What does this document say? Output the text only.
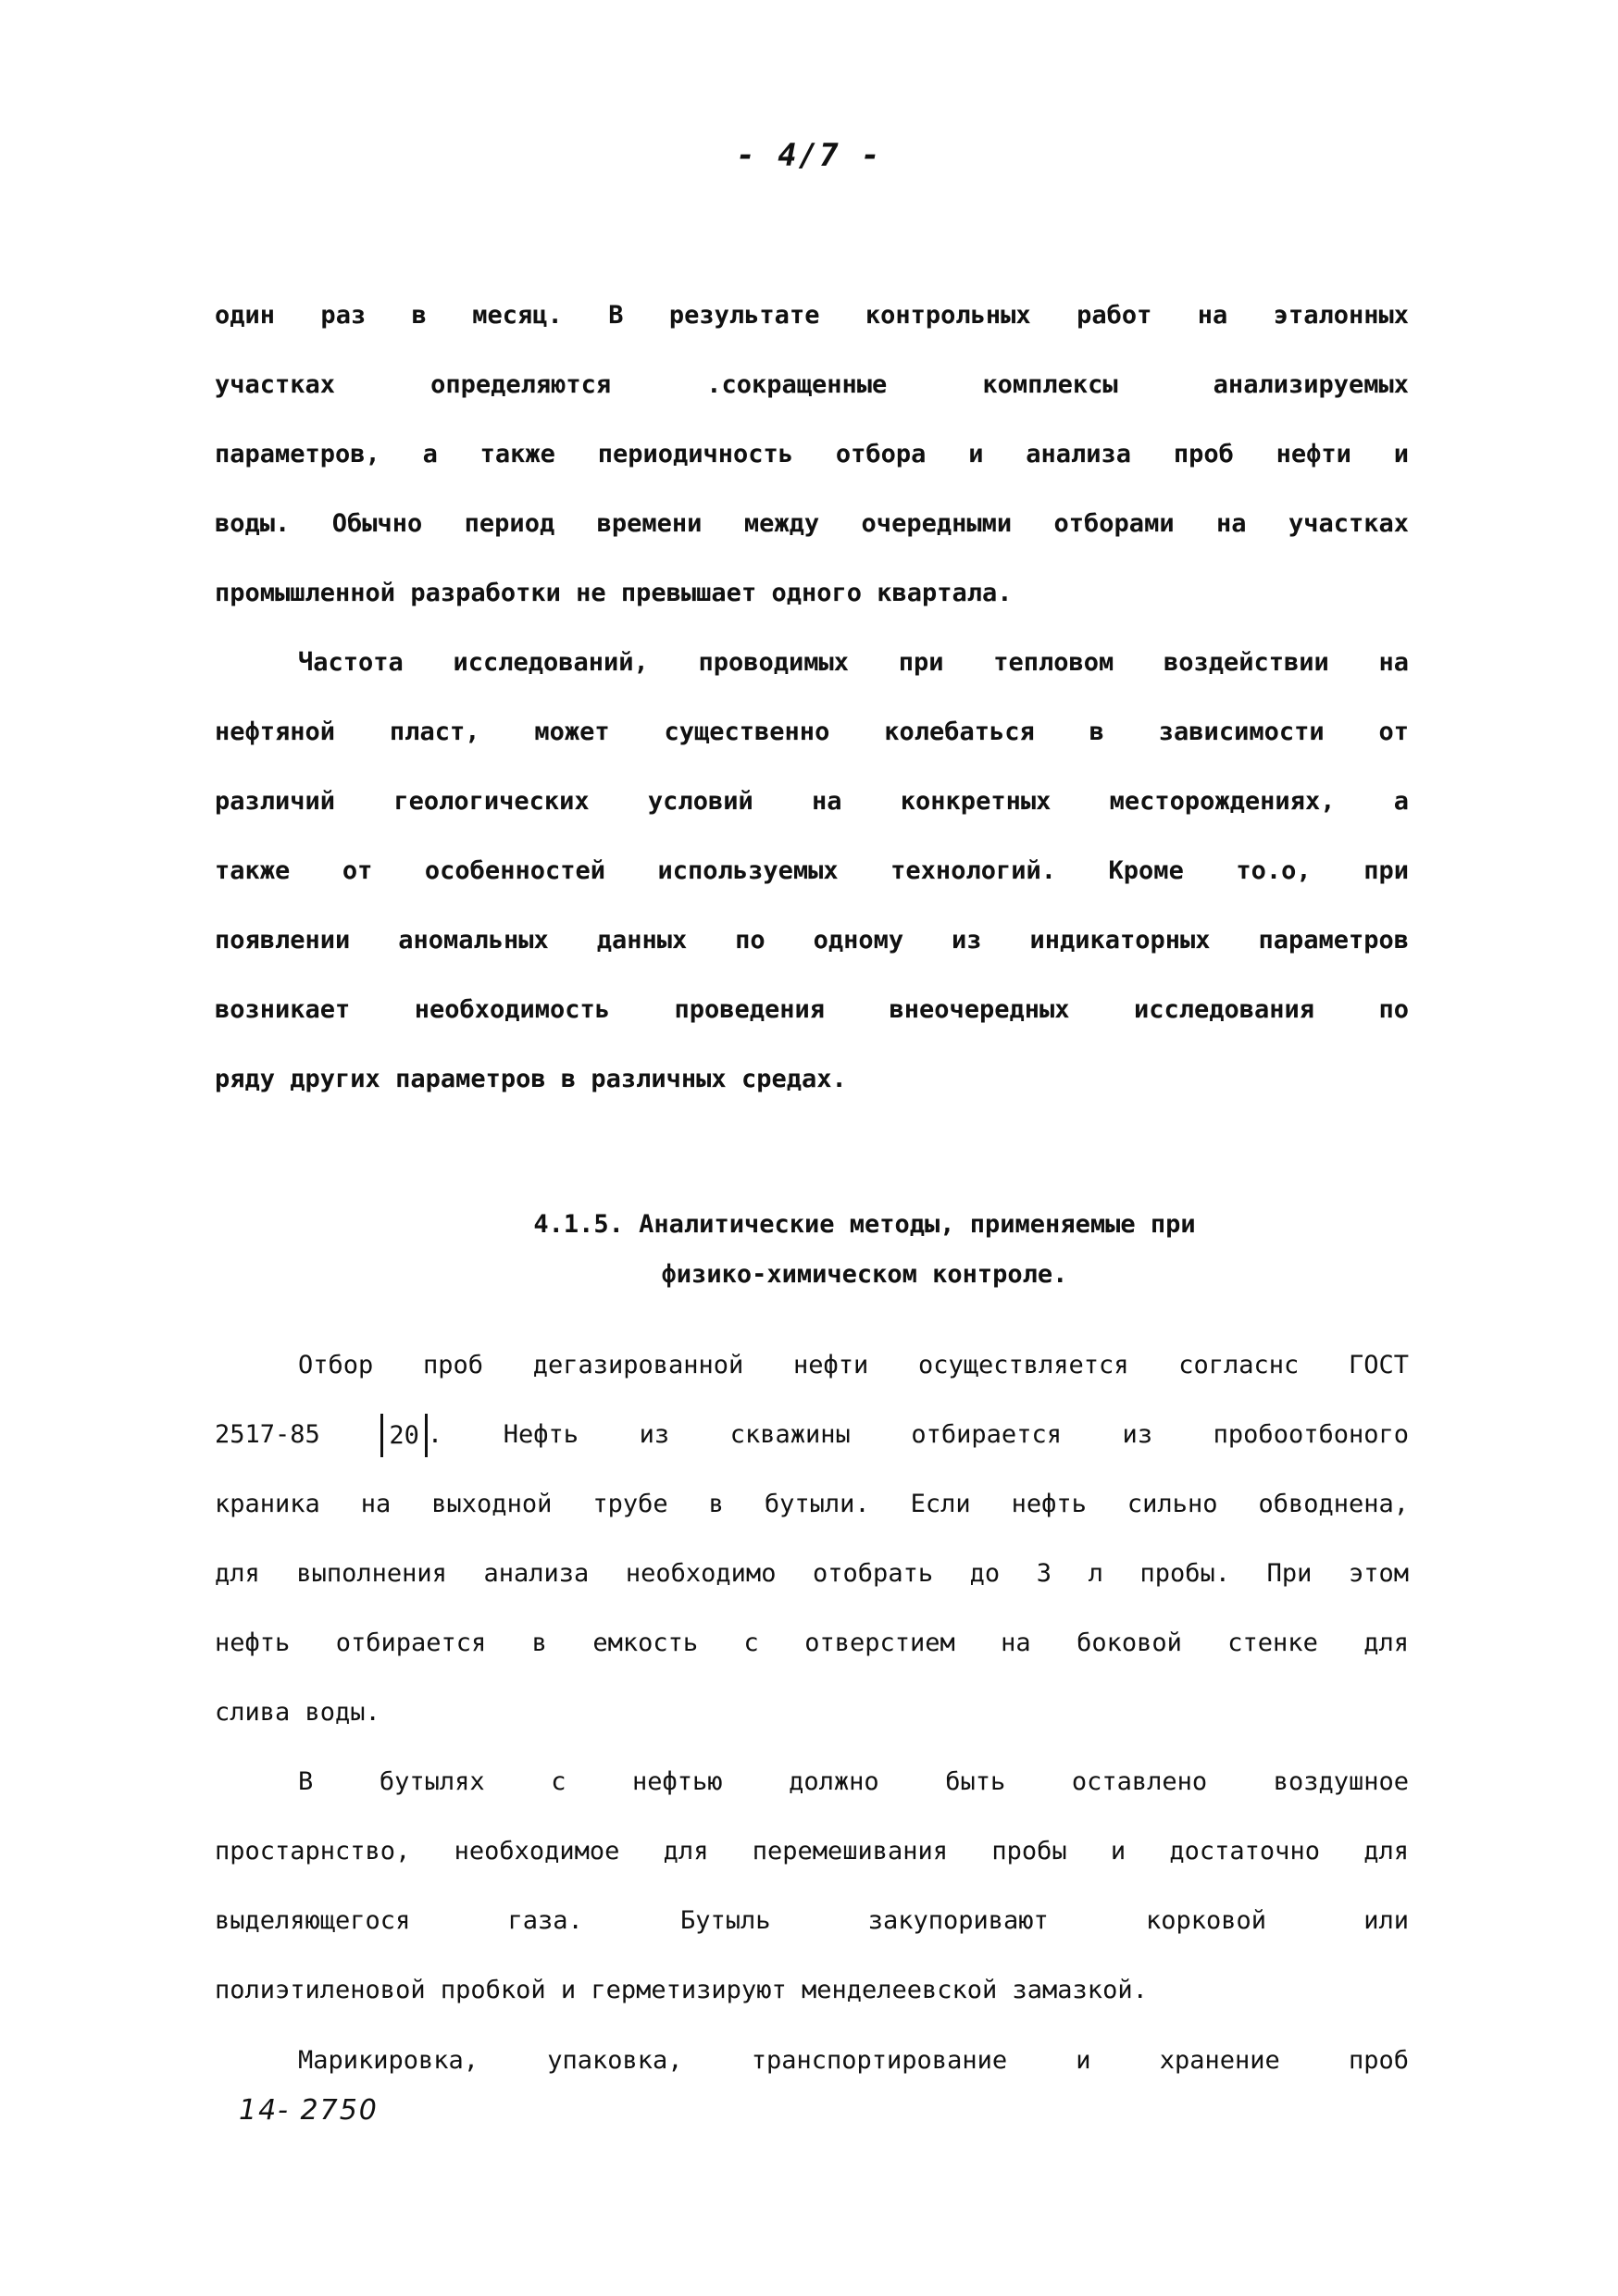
- 4/7 -
один раз в месяц. В результате контрольных работ на эталонных
участках определяются .сокращенные комплексы анализируемых
параметров, а также периодичность отбора и анализа проб нефти и
воды. Обычно период времени между очередными отборами на участках
промышленной разработки не превышает одного квартала.
Частота исследований, проводимых при тепловом воздействии на
нефтяной пласт, может существенно колебаться в зависимости от
различий геологических условий на конкретных месторождениях, а
также от особенностей используемых технологий. Кроме то.о, при
появлении аномальных данных по одному из индикаторных параметров
возникает необходимость проведения внеочередных исследования по
ряду других параметров в различных средах.
4.1.5. Аналитические методы, применяемые при
физико-химическом контроле.
Отбор проб дегазированной нефти осуществляется согласнс ГОСТ
2517-85	20 . Нефть из скважины отбирается из пробоотбоного
краника на выходной трубе в бутыли. Если нефть сильно обводнена,
для выполнения анализа необходимо отобрать до 3 л пробы. При этом
нефть отбирается в емкость с отверстием на боковой стенке для
слива воды.
В бутылях с нефтью должно быть оставлено воздушное
простарнство, необходимое для перемешивания пробы и достаточно для
выделяющегося газа. Бутыль закупоривают корковой или
полиэтиленовой пробкой и герметизируют менделеевской замазкой.
Марикировка, упаковка, транспортирование и хранение проб
14- 2750
